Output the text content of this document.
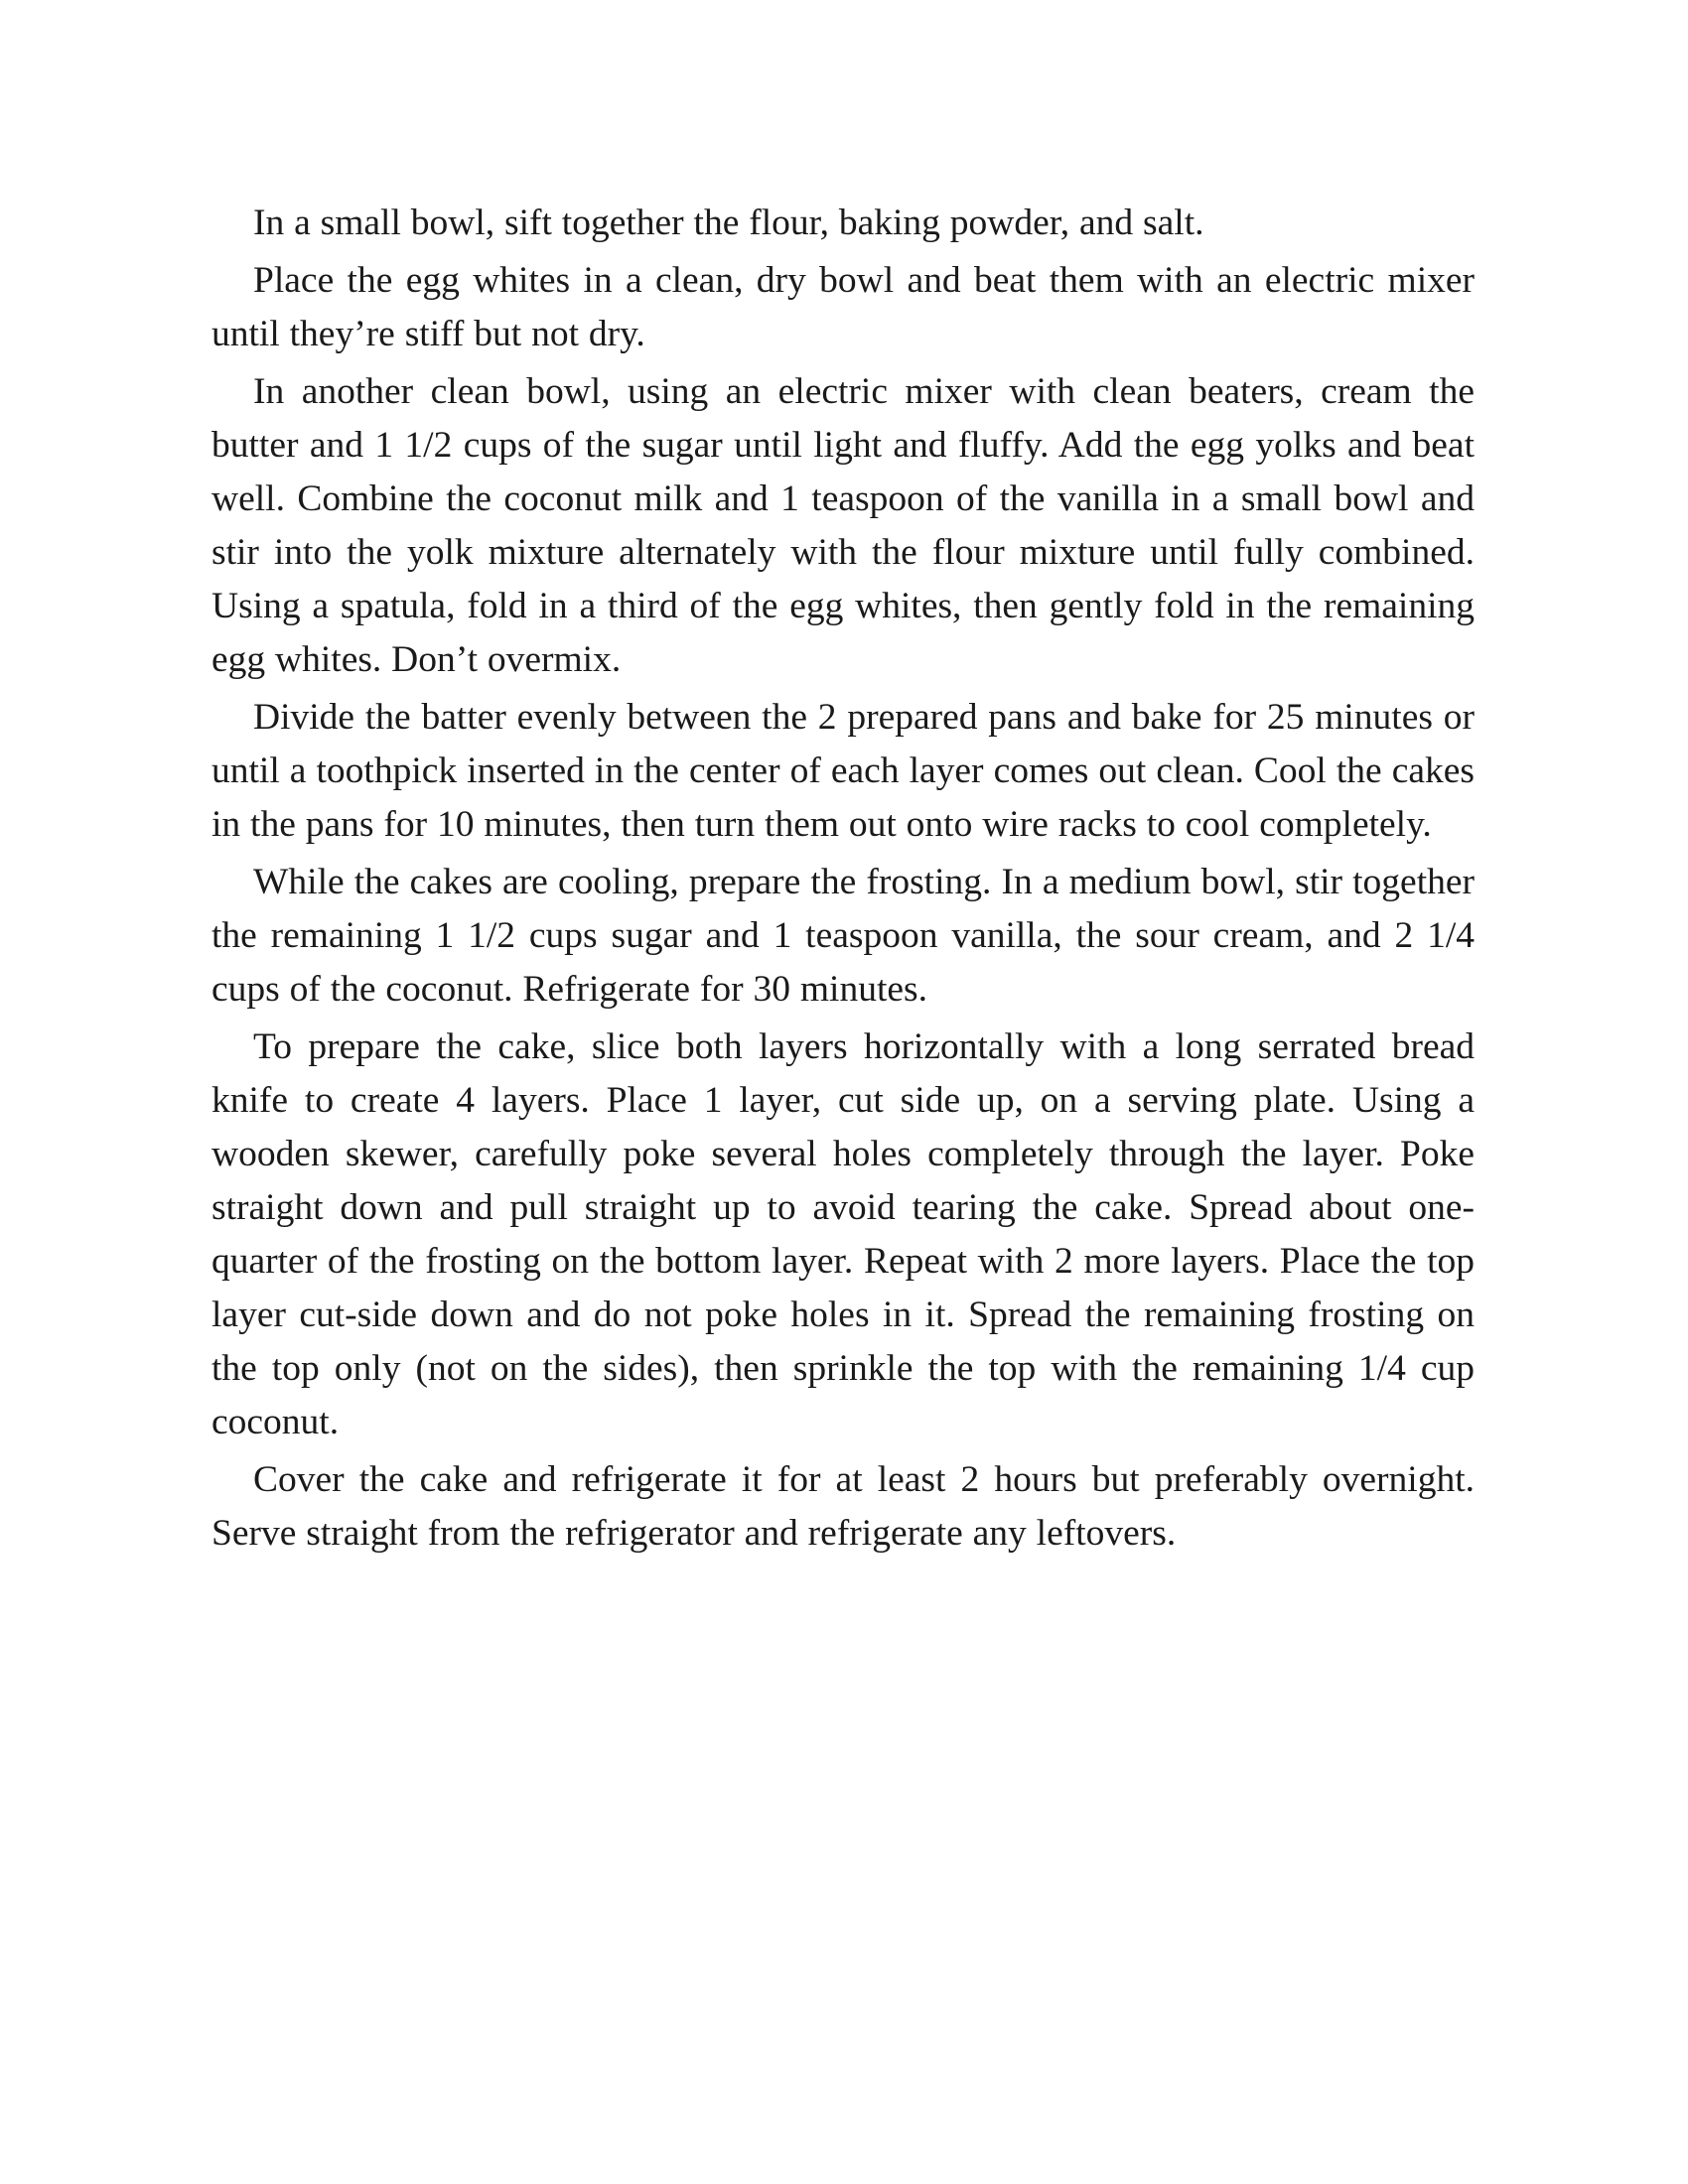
In a small bowl, sift together the flour, baking powder, and salt.

Place the egg whites in a clean, dry bowl and beat them with an electric mixer until they’re stiff but not dry.

In another clean bowl, using an electric mixer with clean beaters, cream the butter and 1 1/2 cups of the sugar until light and fluffy. Add the egg yolks and beat well. Combine the coconut milk and 1 teaspoon of the vanilla in a small bowl and stir into the yolk mixture alternately with the flour mixture until fully combined. Using a spatula, fold in a third of the egg whites, then gently fold in the remaining egg whites. Don’t overmix.

Divide the batter evenly between the 2 prepared pans and bake for 25 minutes or until a toothpick inserted in the center of each layer comes out clean. Cool the cakes in the pans for 10 minutes, then turn them out onto wire racks to cool completely.

While the cakes are cooling, prepare the frosting. In a medium bowl, stir together the remaining 1 1/2 cups sugar and 1 teaspoon vanilla, the sour cream, and 2 1/4 cups of the coconut. Refrigerate for 30 minutes.

To prepare the cake, slice both layers horizontally with a long serrated bread knife to create 4 layers. Place 1 layer, cut side up, on a serving plate. Using a wooden skewer, carefully poke several holes completely through the layer. Poke straight down and pull straight up to avoid tearing the cake. Spread about one-quarter of the frosting on the bottom layer. Repeat with 2 more layers. Place the top layer cut-side down and do not poke holes in it. Spread the remaining frosting on the top only (not on the sides), then sprinkle the top with the remaining 1/4 cup coconut.

Cover the cake and refrigerate it for at least 2 hours but preferably overnight. Serve straight from the refrigerator and refrigerate any leftovers.
